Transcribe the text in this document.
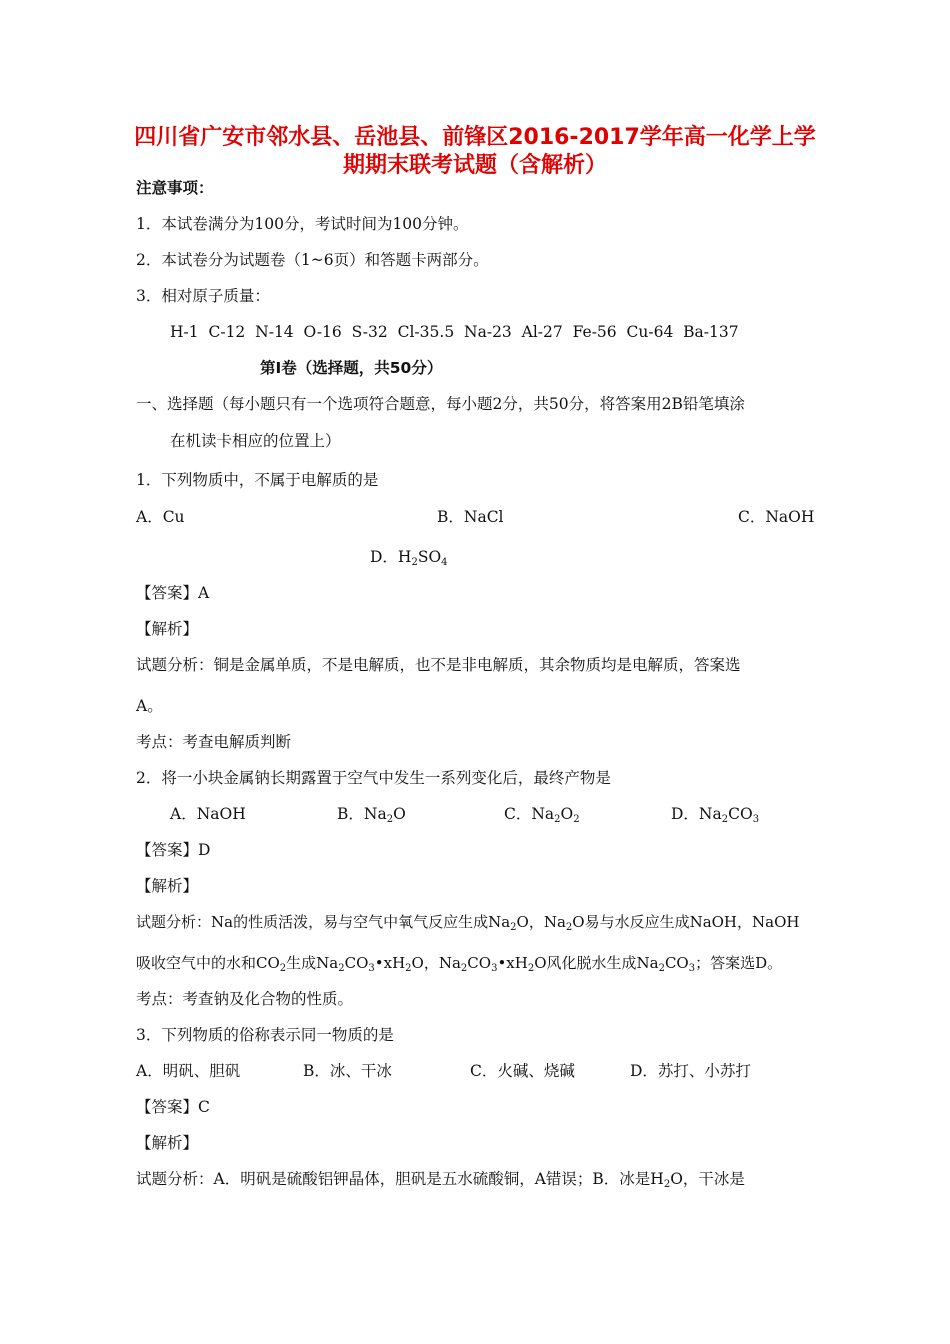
四川省广安市邻水县、岳池县、前锋区2016-2017学年高一化学上学
期期末联考试题（含解析）
注意事项：
1．本试卷满分为100分，考试时间为100分钟。
2．本试卷分为试题卷（1~6页）和答题卡两部分。
3．相对原子质量：
H-1  C-12  N-14  O-16  S-32  Cl-35.5  Na-23  Al-27  Fe-56  Cu-64  Ba-137
第Ⅰ卷（选择题，共50分）
一、选择题（每小题只有一个选项符合题意，每小题2分，共50分，将答案用2B铅笔填涂
在机读卡相应的位置上）
1．下列物质中，不属于电解质的是
A．Cu	B．NaCl	C．NaOH
D．$H_2SO_4$
【答案】A
【解析】
试题分析：铜是金属单质，不是电解质，也不是非电解质，其余物质均是电解质，答案选
A。
考点：考查电解质判断
2．将一小块金属钠长期露置于空气中发生一系列变化后，最终产物是
A．NaOH	B．$Na_2O$	C．$Na_2O_2$	D．$Na_2CO_3$
【答案】D
【解析】
试题分析：Na的性质活泼，易与空气中氧气反应生成$Na_2O$，$Na_2O$易与水反应生成NaOH，NaOH
吸收空气中的水和$CO_2$生成$Na_2CO_3•xH_2O$，$Na_2CO_3•xH_2O$风化脱水生成$Na_2CO_3$；答案选D。
考点：考查钠及化合物的性质。
3．下列物质的俗称表示同一物质的是
A．明矾、胆矾	B．冰、干冰	C．火碱、烧碱	D．苏打、小苏打
【答案】C
【解析】
试题分析：A．明矾是硫酸铝钾晶体，胆矾是五水硫酸铜，A错误；B．冰是$H_2O$，干冰是
